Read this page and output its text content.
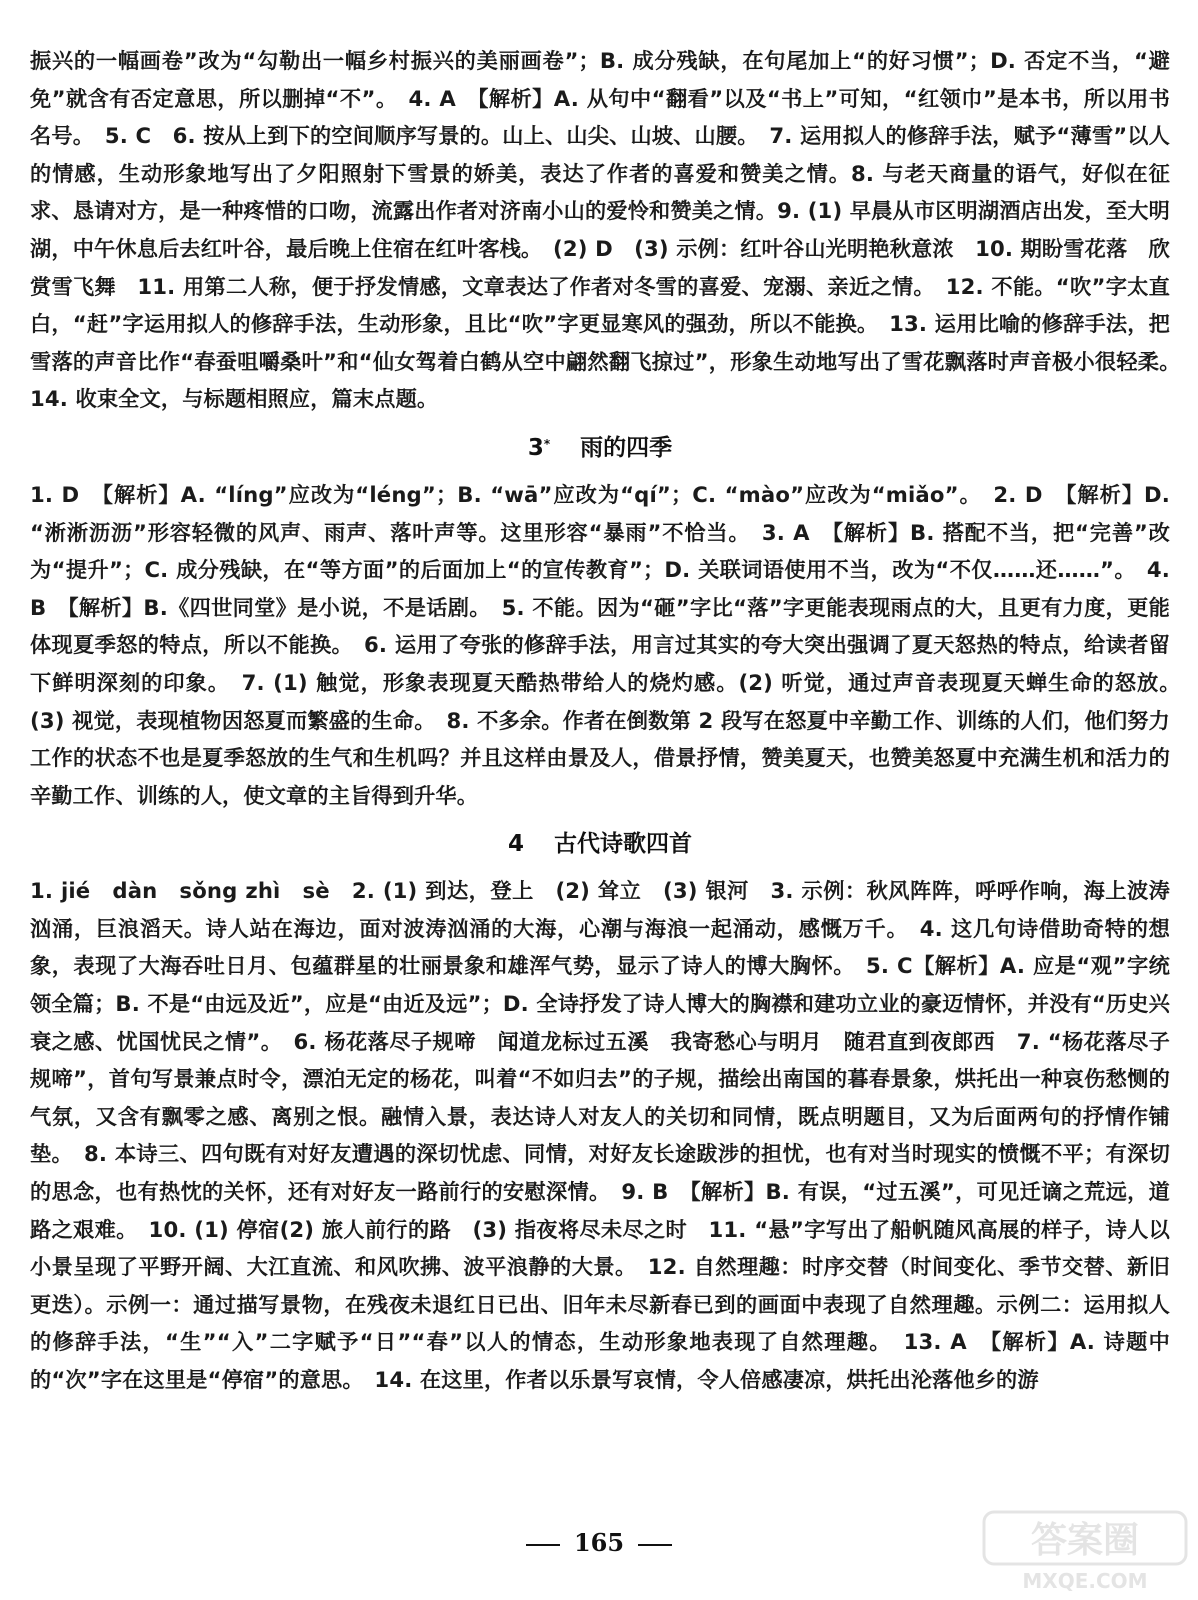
振兴的一幅画卷”改为“勾勒出一幅乡村振兴的美丽画卷”；B. 成分残缺，在句尾加上“的好习惯”；D. 否定不当，“避免”就含有否定意思，所以删掉“不”。　4. A　【解析】A. 从句中“翻看”以及“书上”可知，“红领巾”是本书，所以用书名号。　5. C　6. 按从上到下的空间顺序写景的。山上、山尖、山坡、山腰。　7. 运用拟人的修辞手法，赋予“薄雪”以人的情感，生动形象地写出了夕阳照射下雪景的娇美，表达了作者的喜爱和赞美之情。8. 与老天商量的语气，好似在征求、恳请对方，是一种疼惜的口吻，流露出作者对济南小山的爱怜和赞美之情。9. (1) 早晨从市区明湖酒店出发，至大明湖，中午休息后去红叶谷，最后晚上住宿在红叶客栈。　(2) D　(3) 示例：红叶谷山光明艳秋意浓　10. 期盼雪花落　欣赏雪飞舞　11. 用第二人称，便于抒发情感，文章表达了作者对冬雪的喜爱、宠溺、亲近之情。　12. 不能。“吹”字太直白，“赶”字运用拟人的修辞手法，生动形象，且比“吹”字更显寒风的强劲，所以不能换。　13. 运用比喻的修辞手法，把雪落的声音比作“春蚕咀嚼桑叶”和“仙女驾着白鹤从空中翩然翻飞掠过”，形象生动地写出了雪花飘落时声音极小很轻柔。　14. 收束全文，与标题相照应，篇末点题。

3* 雨的四季

1. D　【解析】A. “líng”应改为“léng”；B. “wā”应改为“qí”；C. “mào”应改为“miǎo”。　2. D　【解析】D. “淅淅沥沥”形容轻微的风声、雨声、落叶声等。这里形容“暴雨”不恰当。　3. A　【解析】B. 搭配不当，把“完善”改为“提升”；C. 成分残缺，在“等方面”的后面加上“的宣传教育”；D. 关联词语使用不当，改为“不仅……还……”。　4. B　【解析】B.《四世同堂》是小说，不是话剧。　5. 不能。因为“砸”字比“落”字更能表现雨点的大，且更有力度，更能体现夏季怒的特点，所以不能换。　6. 运用了夸张的修辞手法，用言过其实的夸大突出强调了夏天怒热的特点，给读者留下鲜明深刻的印象。　7. (1) 触觉，形象表现夏天酷热带给人的烧灼感。(2) 听觉，通过声音表现夏天蝉生命的怒放。　(3) 视觉，表现植物因怒夏而繁盛的生命。　8. 不多余。作者在倒数第 2 段写在怒夏中辛勤工作、训练的人们，他们努力工作的状态不也是夏季怒放的生气和生机吗？并且这样由景及人，借景抒情，赞美夏天，也赞美怒夏中充满生机和活力的辛勤工作、训练的人，使文章的主旨得到升华。

4 古代诗歌四首

1. jié　dàn　sǒng zhì　sè　2. (1) 到达，登上　(2) 耸立　(3) 银河　3. 示例：秋风阵阵，呼呼作响，海上波涛汹涌，巨浪滔天。诗人站在海边，面对波涛汹涌的大海，心潮与海浪一起涌动，感慨万千。　4. 这几句诗借助奇特的想象，表现了大海吞吐日月、包蕴群星的壮丽景象和雄浑气势，显示了诗人的博大胸怀。　5. C【解析】A. 应是“观”字统领全篇；B. 不是“由远及近”，应是“由近及远”；D. 全诗抒发了诗人博大的胸襟和建功立业的豪迈情怀，并没有“历史兴衰之感、忧国忧民之情”。　6. 杨花落尽子规啼　闻道龙标过五溪　我寄愁心与明月　随君直到夜郎西　7. “杨花落尽子规啼”，首句写景兼点时令，漂泊无定的杨花，叫着“不如归去”的子规，描绘出南国的暮春景象，烘托出一种哀伤愁恻的气氛，又含有飘零之感、离别之恨。融情入景，表达诗人对友人的关切和同情，既点明题目，又为后面两句的抒情作铺垫。　8. 本诗三、四句既有对好友遭遇的深切忧虑、同情，对好友长途跋涉的担忧，也有对当时现实的愤慨不平；有深切的思念，也有热忱的关怀，还有对好友一路前行的安慰深情。　9. B　【解析】B. 有误，“过五溪”，可见迁谪之荒远，道路之艰难。　10. (1) 停宿(2) 旅人前行的路　(3) 指夜将尽未尽之时　11. “悬”字写出了船帆随风高展的样子，诗人以小景呈现了平野开阔、大江直流、和风吹拂、波平浪静的大景。　12. 自然理趣：时序交替（时间变化、季节交替、新旧更迭）。示例一：通过描写景物，在残夜未退红日已出、旧年未尽新春已到的画面中表现了自然理趣。示例二：运用拟人的修辞手法，“生”“入”二字赋予“日”“春”以人的情态，生动形象地表现了自然理趣。　13. A　【解析】A. 诗题中的“次”字在这里是“停宿”的意思。　14. 在这里，作者以乐景写哀情，令人倍感凄凉，烘托出沦落他乡的游

165	答案圈
MXQE.COM
